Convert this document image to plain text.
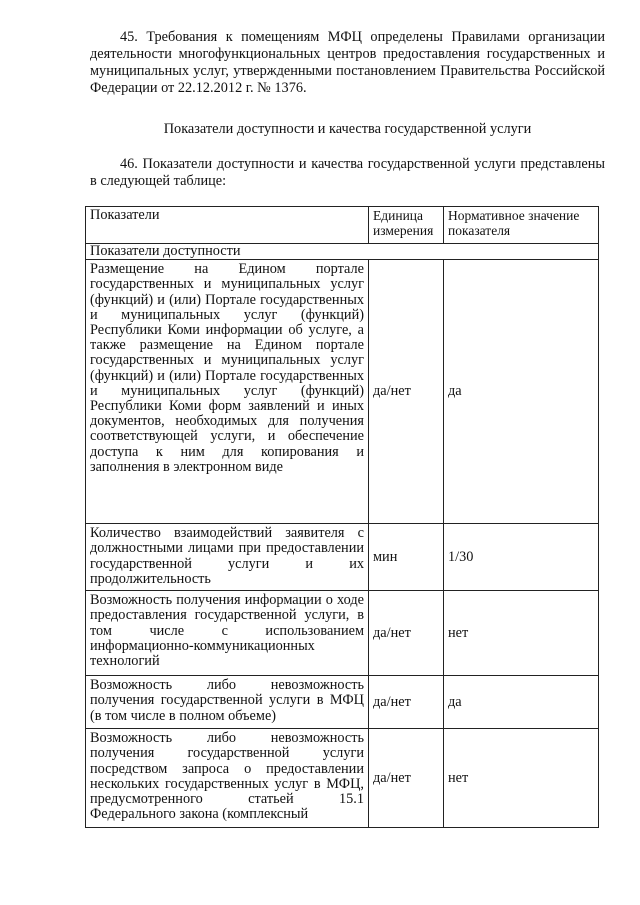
45. Требования к помещениям МФЦ определены Правилами организации деятельности многофункциональных центров предоставления государственных и муниципальных услуг, утвержденными постановлением Правительства Российской Федерации от 22.12.2012 г. № 1376.

Показатели доступности и качества государственной услуги

46. Показатели доступности и качества государственной услуги представлены в следующей таблице:

Показатели	Единица измерения	Нормативное значение показателя
Показатели доступности		
Размещение на Едином портале государственных и муниципальных услуг (функций) и (или) Портале государственных и муниципальных услуг (функций) Республики Коми информации об услуге, а также размещение на Едином портале государственных и муниципальных услуг (функций) и (или) Портале государственных и муниципальных услуг (функций) Республики Коми форм заявлений и иных документов, необходимых для получения соответствующей услуги, и обеспечение доступа к ним для копирования и заполнения в электронном виде	да/нет	да
Количество взаимодействий заявителя с должностными лицами при предоставлении государственной услуги и их продолжительность	мин	1/30
Возможность получения информации о ходе предоставления государственной услуги, в том числе с использованием информационно-коммуникационных технологий	да/нет	нет
Возможность либо невозможность получения государственной услуги в МФЦ (в том числе в полном объеме)	да/нет	да
Возможность либо невозможность получения государственной услуги посредством запроса о предоставлении нескольких государственных услуг в МФЦ, предусмотренного статьей 15.1 Федерального закона (комплексный	да/нет	нет
